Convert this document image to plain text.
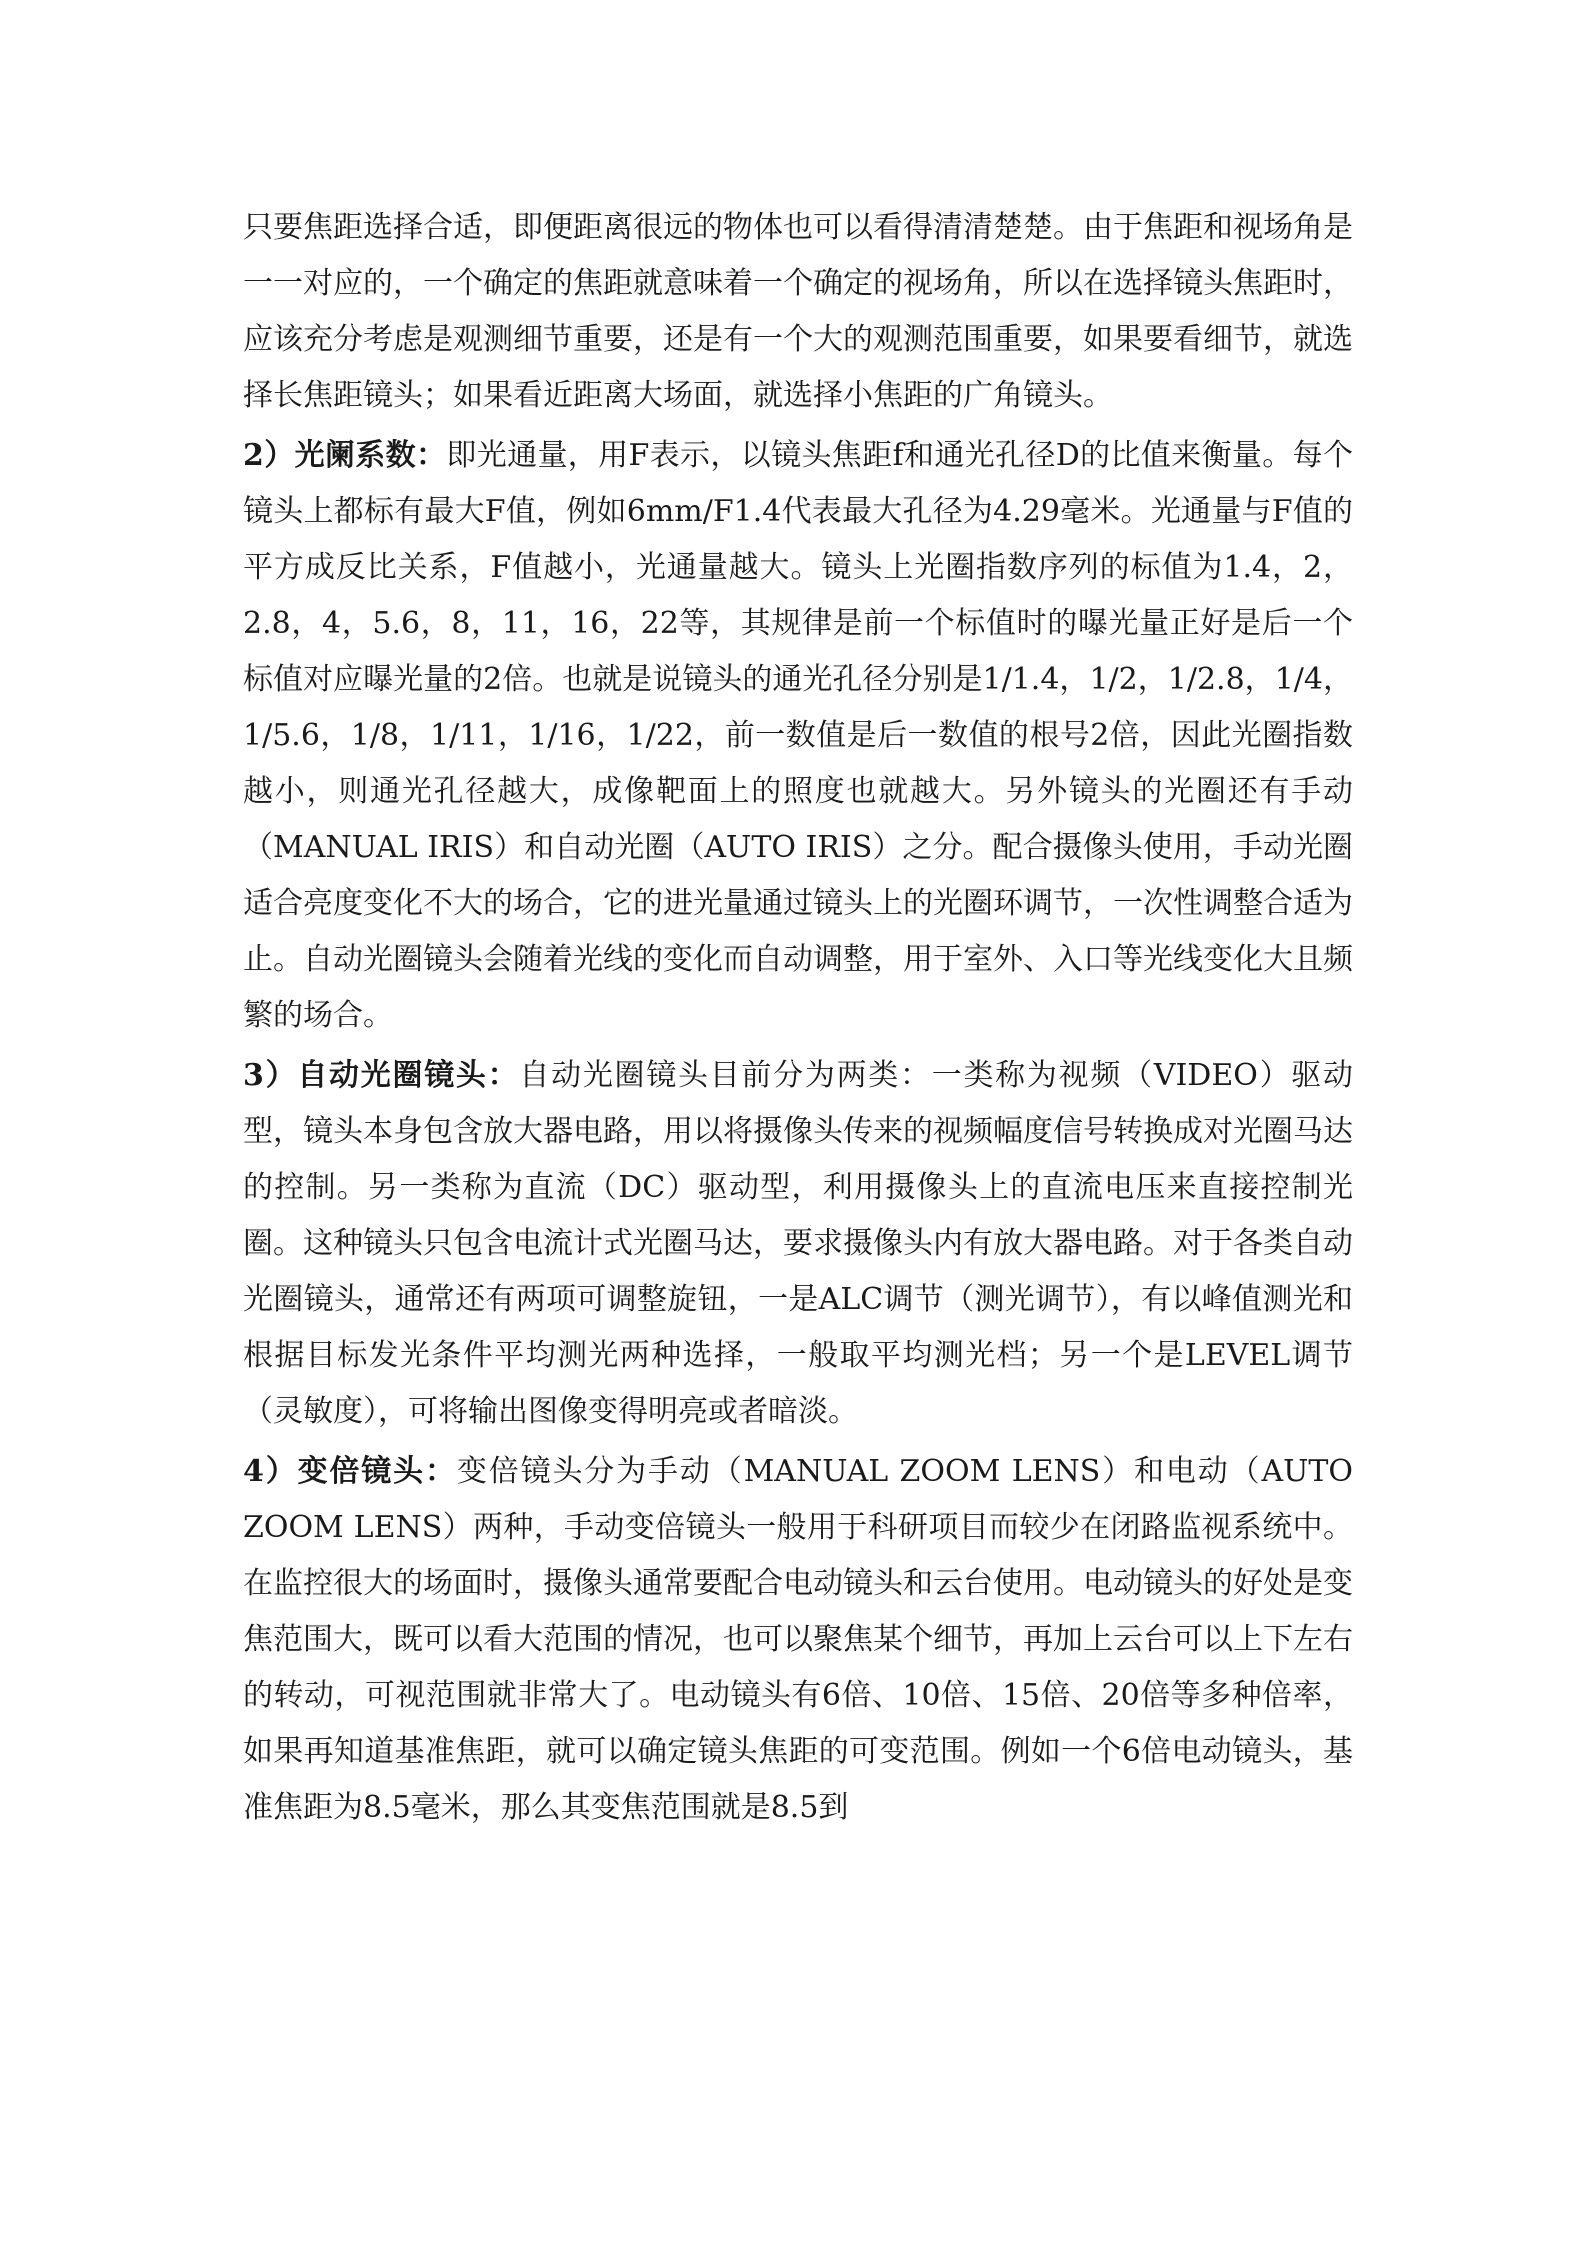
只要焦距选择合适，即便距离很远的物体也可以看得清清楚楚。由于焦距和视场角是一一对应的，一个确定的焦距就意味着一个确定的视场角，所以在选择镜头焦距时，应该充分考虑是观测细节重要，还是有一个大的观测范围重要，如果要看细节，就选择长焦距镜头；如果看近距离大场面，就选择小焦距的广角镜头。

2）光阑系数：即光通量，用F表示，以镜头焦距f和通光孔径D的比值来衡量。每个镜头上都标有最大F值，例如6mm/F1.4代表最大孔径为4.29毫米。光通量与F值的平方成反比关系，F值越小，光通量越大。镜头上光圈指数序列的标值为1.4，2，2.8，4，5.6，8，11，16，22等，其规律是前一个标值时的曝光量正好是后一个标值对应曝光量的2倍。也就是说镜头的通光孔径分别是1/1.4，1/2，1/2.8，1/4，1/5.6，1/8，1/11，1/16，1/22，前一数值是后一数值的根号2倍，因此光圈指数越小，则通光孔径越大，成像靶面上的照度也就越大。另外镜头的光圈还有手动（MANUAL IRIS）和自动光圈（AUTO IRIS）之分。配合摄像头使用，手动光圈适合亮度变化不大的场合，它的进光量通过镜头上的光圈环调节，一次性调整合适为止。自动光圈镜头会随着光线的变化而自动调整，用于室外、入口等光线变化大且频繁的场合。

3）自动光圈镜头：自动光圈镜头目前分为两类：一类称为视频（VIDEO）驱动型，镜头本身包含放大器电路，用以将摄像头传来的视频幅度信号转换成对光圈马达的控制。另一类称为直流（DC）驱动型，利用摄像头上的直流电压来直接控制光圈。这种镜头只包含电流计式光圈马达，要求摄像头内有放大器电路。对于各类自动光圈镜头，通常还有两项可调整旋钮，一是ALC调节（测光调节），有以峰值测光和根据目标发光条件平均测光两种选择，一般取平均测光档；另一个是LEVEL调节（灵敏度），可将输出图像变得明亮或者暗淡。

4）变倍镜头：变倍镜头分为手动（MANUAL ZOOM LENS）和电动（AUTO ZOOM LENS）两种，手动变倍镜头一般用于科研项目而较少在闭路监视系统中。在监控很大的场面时，摄像头通常要配合电动镜头和云台使用。电动镜头的好处是变焦范围大，既可以看大范围的情况，也可以聚焦某个细节，再加上云台可以上下左右的转动，可视范围就非常大了。电动镜头有6倍、10倍、15倍、20倍等多种倍率，如果再知道基准焦距，就可以确定镜头焦距的可变范围。例如一个6倍电动镜头，基准焦距为8.5毫米，那么其变焦范围就是8.5到
